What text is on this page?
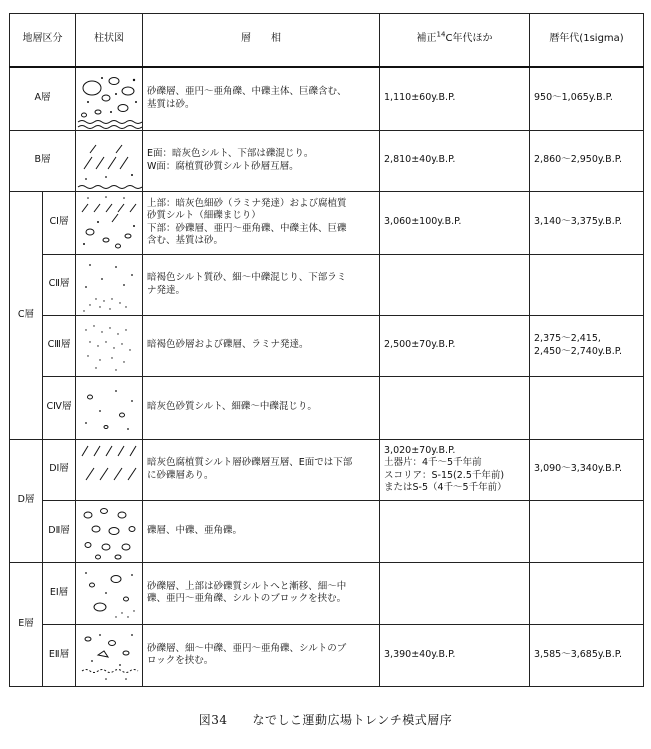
地層区分		柱状図	層　　相	補正$^{14}$C年代ほか	暦年代(1sigma)
A層			砂礫層、亜円〜亜角礫、中礫主体、巨礫含む、
基質は砂。	1,110±60y.B.P.	950〜1,065y.B.P.
B層			E面：暗灰色シルト、下部は礫混じり。
W面：腐植質砂質シルト砂層互層。	2,810±40y.B.P.	2,860〜2,950y.B.P.
C層	CⅠ層		上部：暗灰色細砂（ラミナ発達）および腐植質
砂質シルト（細礫まじり）
下部：砂礫層、亜円〜亜角礫、中礫主体、巨礫
含む、基質は砂。	3,060±100y.B.P.	3,140〜3,375y.B.P.
	CⅡ層		暗褐色シルト質砂、細〜中礫混じり、下部ラミ
ナ発達。		
	CⅢ層		暗褐色砂層および礫層、ラミナ発達。	2,500±70y.B.P.	2,375〜2,415,
2,450〜2,740y.B.P.
	CⅣ層		暗灰色砂質シルト、細礫〜中礫混じり。		
D層	DⅠ層		暗灰色腐植質シルト層砂礫層互層、E面では下部
に砂礫層あり。	3,020±70y.B.P.
土器片：4千〜5千年前
スコリア：S-15(2.5千年前)
またはS-5（4千〜5千年前）	3,090〜3,340y.B.P.
	DⅡ層		礫層、中礫、亜角礫。		
E層	EⅠ層		砂礫層、上部は砂礫質シルトへと漸移、細〜中
礫、亜円〜亜角礫、シルトのブロックを挟む。		
	EⅡ層		砂礫層、細〜中礫、亜円〜亜角礫、シルトのブ
ロックを挟む。	3,390±40y.B.P.	3,585〜3,685y.B.P.
図34　　なでしこ運動広場トレンチ模式層序
